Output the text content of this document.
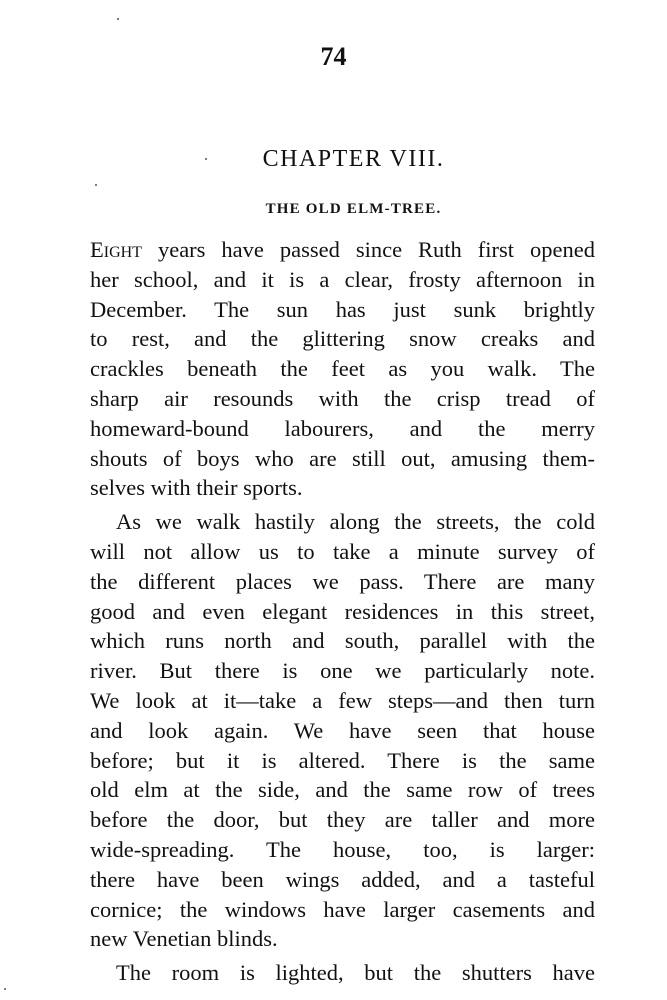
74
CHAPTER VIII.
THE OLD ELM-TREE.

Eight years have passed since Ruth first opened
her school, and it is a clear, frosty afternoon in
December. The sun has just sunk brightly
to rest, and the glittering snow creaks and
crackles beneath the feet as you walk. The
sharp air resounds with the crisp tread of
homeward-bound labourers, and the merry
shouts of boys who are still out, amusing them-
selves with their sports.

As we walk hastily along the streets, the cold
will not allow us to take a minute survey of
the different places we pass. There are many
good and even elegant residences in this street,
which runs north and south, parallel with the
river. But there is one we particularly note.
We look at it—take a few steps—and then turn
and look again. We have seen that house
before; but it is altered. There is the same
old elm at the side, and the same row of trees
before the door, but they are taller and more
wide-spreading. The house, too, is larger:
there have been wings added, and a tasteful
cornice; the windows have larger casements and
new Venetian blinds.

The room is lighted, but the shutters have
